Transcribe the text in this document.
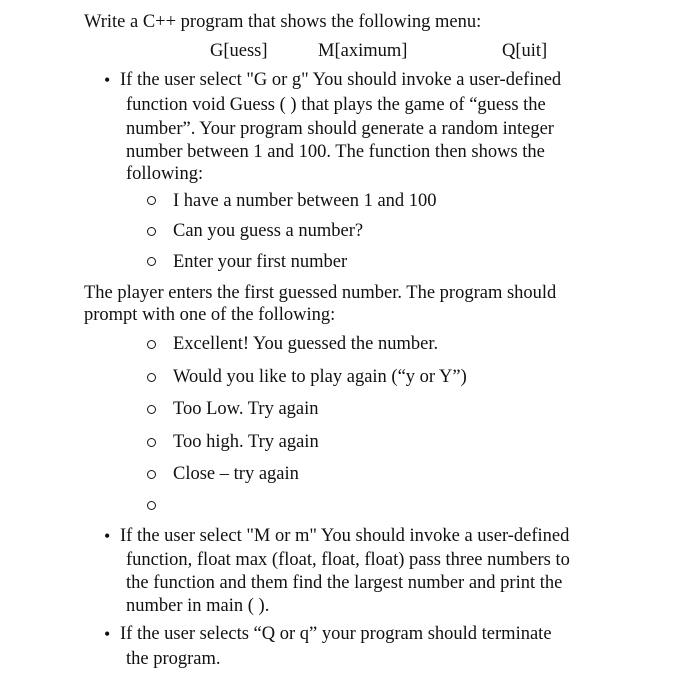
Write a C++ program that shows the following menu:
G[uess]	M[aximum]	Q[uit]
• If the user select "G or g" You should invoke a user-defined
function void Guess ( ) that plays the game of “guess the
number”. Your program should generate a random integer
number between 1 and 100. The function then shows the
following:
I have a number between 1 and 100
Can you guess a number?
Enter your first number
The player enters the first guessed number. The program should
prompt with one of the following:
Excellent! You guessed the number.
Would you like to play again (“y or Y”)
Too Low. Try again
Too high. Try again
Close – try again
• If the user select "M or m" You should invoke a user-defined
function, float max (float, float, float) pass three numbers to
the function and them find the largest number and print the
number in main ( ).
• If the user selects “Q or q” your program should terminate
the program.
